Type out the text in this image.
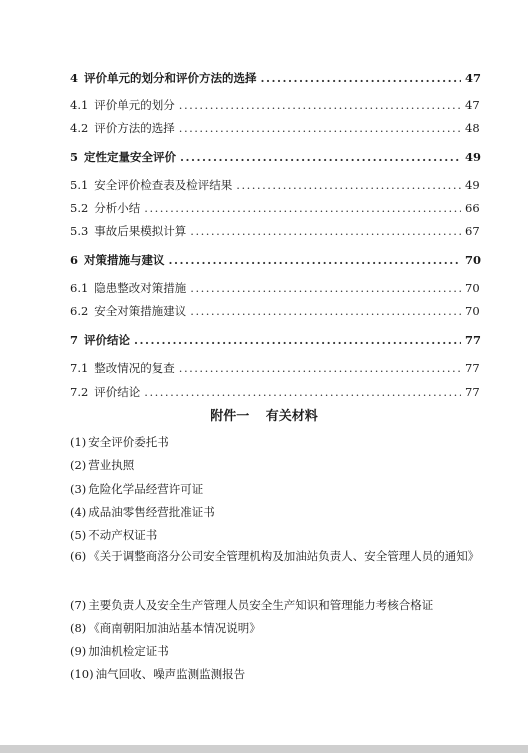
4 评价单元的划分和评价方法的选择 .....	47
4.1 评价单元的划分 .....	47
4.2 评价方法的选择 .....	48
5 定性定量安全评价 .....	49
5.1 安全评价检查表及检评结果 .....	49
5.2 分析小结 .....	66
5.3 事故后果模拟计算 .....	67
6 对策措施与建议 .....	70
6.1 隐患整改对策措施 .....	70
6.2 安全对策措施建议 .....	70
7 评价结论 .....	77
7.1 整改情况的复查 .....	77
7.2 评价结论 .....	77
附件一 有关材料
(1) 安全评价委托书
(2) 营业执照
(3) 危险化学品经营许可证
(4) 成品油零售经营批准证书
(5) 不动产权证书
(6) 《关于调整商洛分公司安全管理机构及加油站负责人、安全管理人员的通知》
(7) 主要负责人及安全生产管理人员安全生产知识和管理能力考核合格证
(8) 《商南朝阳加油站基本情况说明》
(9) 加油机检定证书
(10) 油气回收、噪声监测监测报告
